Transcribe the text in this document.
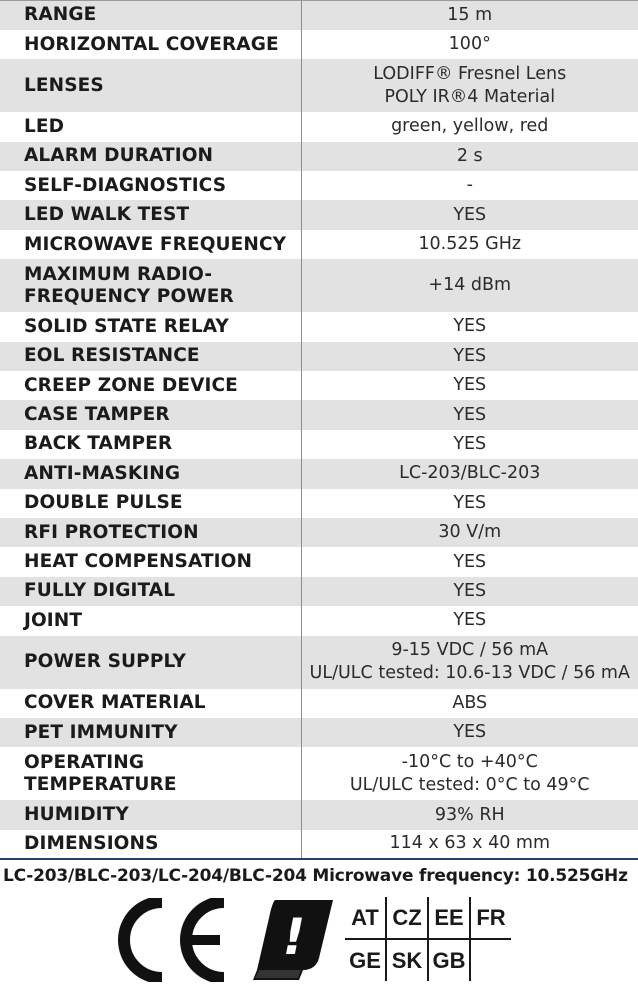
RANGE	15 m

HORIZONTAL COVERAGE	100°

LENSES	LODIFF® Fresnel Lens
POLY IR®4 Material

LED	green, yellow, red

ALARM DURATION	2 s

SELF-DIAGNOSTICS	-

LED WALK TEST	YES

MICROWAVE FREQUENCY	10.525 GHz

MAXIMUM RADIO-
FREQUENCY POWER	+14 dBm

SOLID STATE RELAY	YES

EOL RESISTANCE	YES

CREEP ZONE DEVICE	YES

CASE TAMPER	YES

BACK TAMPER	YES

ANTI-MASKING	LC-203/BLC-203

DOUBLE PULSE	YES

RFI PROTECTION	30 V/m

HEAT COMPENSATION	YES

FULLY DIGITAL	YES

JOINT	YES

POWER SUPPLY	9-15 VDC / 56 mA
UL/ULC tested: 10.6-13 VDC / 56 mA

COVER MATERIAL	ABS

PET IMMUNITY	YES

OPERATING TEMPERATURE	-10°C to +40°C
UL/ULC tested: 0°C to 49°C

HUMIDITY	93% RH

DIMENSIONS	114 x 63 x 40 mm
LC-203/BLC-203/LC-204/BLC-204 Microwave frequency: 10.525GHz
! AT	CZ	EE	FR
GE	SK	GB	
